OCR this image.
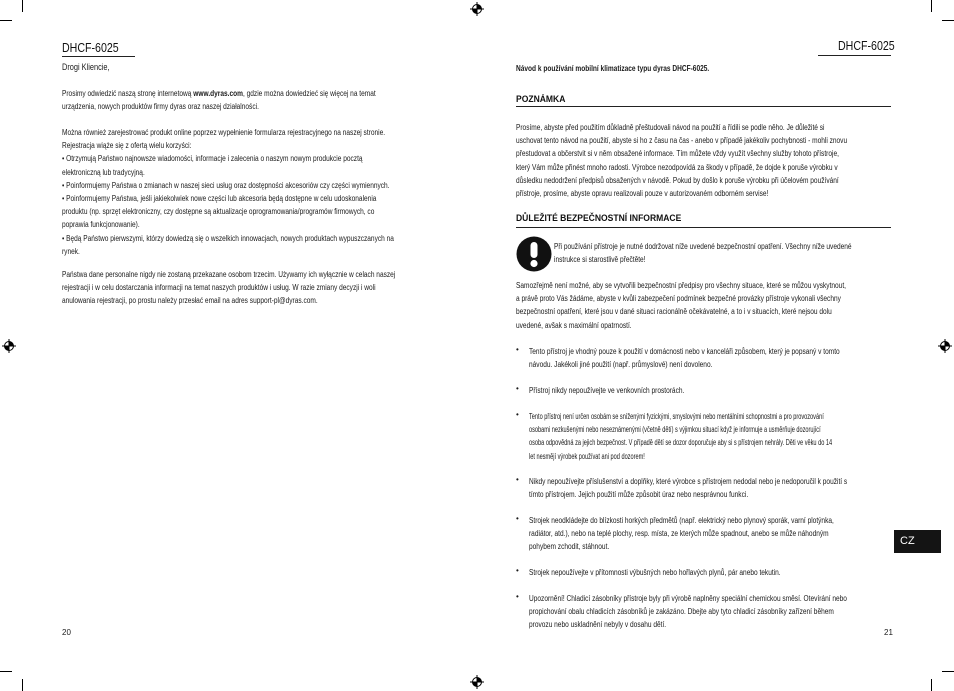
DHCF-6025
Drogi Kliencie,

Prosimy odwiedzić naszą stronę internetową www.dyras.com, gdzie można dowiedzieć się więcej na temat

urządzenia, nowych produktów firmy dyras oraz naszej działalności.

Można również zarejestrować produkt online poprzez wypełnienie formularza rejestracyjnego na naszej stronie.

Rejestracja wiąże się z ofertą wielu korzyści:

• Otrzymują Państwo najnowsze wiadomości, informacje i zalecenia o naszym nowym produkcie pocztą

elektroniczną lub tradycyjną.

• Poinformujemy Państwa o zmianach w naszej sieci usług oraz dostępności akcesoriów czy części wymiennych.

• Poinformujemy Państwa, jeśli jakiekolwiek nowe części lub akcesoria będą dostępne w celu udoskonalenia

produktu (np. sprzęt elektroniczny, czy dostępne są aktualizacje oprogramowania/programów firmowych, co

poprawia funkcjonowanie).

• Będą Państwo pierwszymi, którzy dowiedzą się o wszelkich innowacjach, nowych produktach wypuszczanych na

rynek.

Państwa dane personalne nigdy nie zostaną przekazane osobom trzecim. Używamy ich wyłącznie w celach naszej

rejestracji i w celu dostarczania informacji na temat naszych produktów i usług. W razie zmiany decyzji i woli

anulowania rejestracji, po prostu należy przesłać email na adres support-pl@dyras.com.

20
DHCF-6025
Návod k používání mobilní klimatizace typu dyras DHCF-6025.
POZNÁMKA

Prosíme, abyste před použitím důkladně přeštudovali návod na použití a řídili se podle něho. Je důležité si

uschovat tento návod na použití, abyste si ho z času na čas - anebo v případě jakékoliv pochybnosti - mohli znovu

přestudovat a občerstvit si v něm obsažené informace. Tím můžete vždy využít všechny služby tohoto přístroje,

který Vám může přinést mnoho radosti. Výrobce nezodpovídá za škody v případě, že dojde k poruše výrobku v

důsledku nedodržení předpisů obsažených v návodě. Pokud by došlo k poruše výrobku při účelovém používání

přístroje, prosíme, abyste opravu realizovali pouze v autorizovaném odborném servise!

DŮLEŽITÉ BEZPEČNOSTNÍ INFORMACE

Při používání přístroje je nutné dodržovat níže uvedené bezpečnostní opatření. Všechny níže uvedené

instrukce si starostlivě přečtěte!

Samozřejmě není možné, aby se vytvořili bezpečnostní předpisy pro všechny situace, které se můžou vyskytnout,

a právě proto Vás žádáme, abyste v kvůli zabezpečení podmínek bezpečné provázky přístroje vykonali všechny

bezpečnostní opatření, které jsou v dané situaci racionálně očekávatelné, a to i v situacích, které nejsou dolu

uvedené, avšak s maximální opatrností.

• Tento přístroj je vhodný pouze k použití v domácnosti nebo v kanceláři způsobem, který je popsaný v tomto

návodu. Jakékoli jiné použití (např. průmyslové) není dovoleno.

• Přístroj nikdy nepoužívejte ve venkovních prostorách.

• Tento přístroj není určen osobám se sníženými fyzickými, smyslovými nebo mentálními schopnostmi a pro provozování

osobami nezkušenými nebo neseznámenými (včetně dětí) s výjimkou situací když je informuje a usměrňuje dozorující

osoba odpovědná za jejich bezpečnost. V případě dětí se dozor doporučuje aby si s přístrojem nehrály. Děti ve věku do 14

let nesmějí výrobek používat ani pod dozorem!

• Nikdy nepoužívejte příslušenství a doplňky, které výrobce s přístrojem nedodal nebo je nedoporučil k použití s

tímto přístrojem. Jejich použití může způsobit úraz nebo nesprávnou funkci.

• Strojek neodkládejte do blízkosti horkých předmětů (např. elektrický nebo plynový sporák, varní plotýnka,

radiátor, atd.), nebo na teplé plochy, resp. místa, ze kterých může spadnout, anebo se může náhodným

pohybem zchodit, stáhnout.

• Strojek nepoužívejte v přítomnosti výbušných nebo hořlavých plynů, pár anebo tekutin.

• Upozornění! Chladicí zásobníky přístroje byly při výrobě naplněny speciální chemickou směsí. Otevírání nebo

propichování obalu chladicích zásobníků je zakázáno. Dbejte aby tyto chladicí zásobníky zařízení během

provozu nebo uskladnění nebyly v dosahu dětí.

CZ
21
